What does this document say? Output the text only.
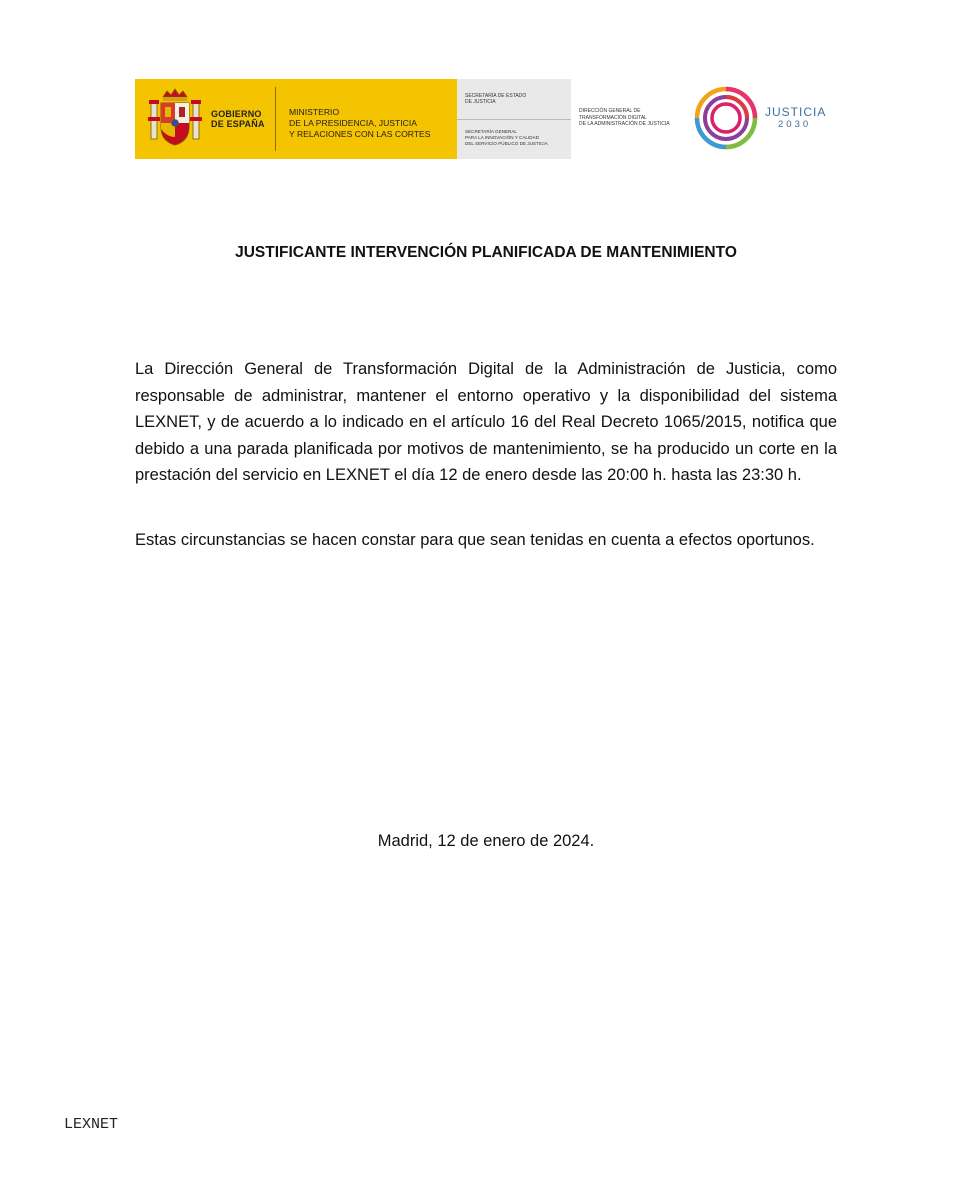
GOBIERNO
DE ESPAÑA
MINISTERIO
DE LA PRESIDENCIA, JUSTICIA
Y RELACIONES CON LAS CORTES
SECRETARÍA DE ESTADO
DE JUSTICIA
SECRETARÍA GENERAL
PARA LA INNOVACIÓN Y CALIDAD
DEL SERVICIO PÚBLICO DE JUSTICIA
DIRECCIÓN GENERAL DE
TRANSFORMACIÓN DIGITAL
DE LA ADMINISTRACIÓN DE JUSTICIA
JUSTICIA
2030
JUSTIFICANTE INTERVENCIÓN PLANIFICADA DE MANTENIMIENTO

La Dirección General de Transformación Digital de la Administración de Justicia, como responsable de administrar, mantener el entorno operativo y la disponibilidad del sistema LEXNET, y de acuerdo a lo indicado en el artículo 16 del Real Decreto 1065/2015, notifica que debido a una parada planificada por motivos de mantenimiento, se ha producido un corte en la prestación del servicio en LEXNET el día 12 de enero desde las 20:00 h. hasta las 23:30 h.

Estas circunstancias se hacen constar para que sean tenidas en cuenta a efectos oportunos.

Madrid, 12 de enero de 2024.
LEXNET
